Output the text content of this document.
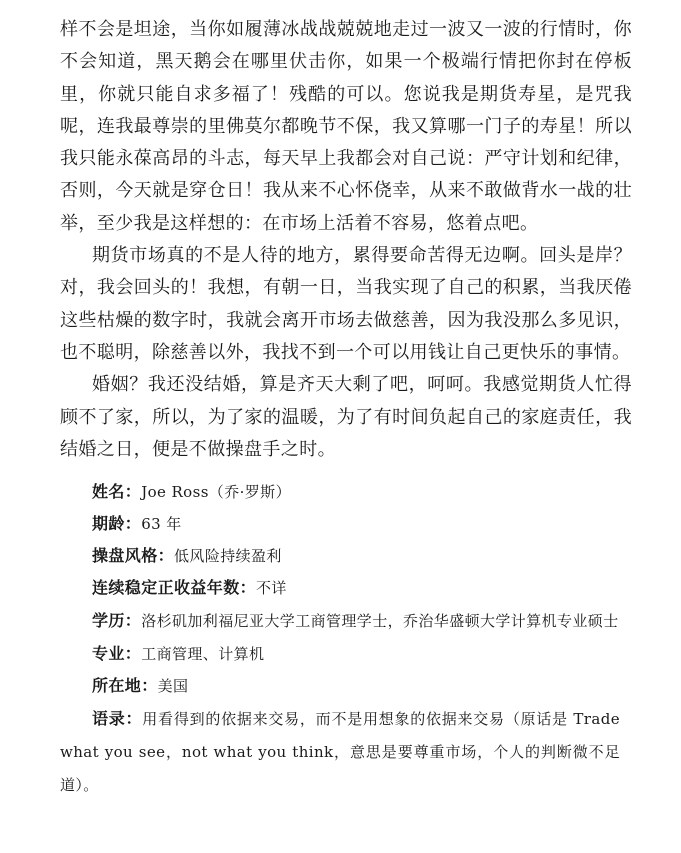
样不会是坦途，当你如履薄冰战战兢兢地走过一波又一波的行情时，你不会知道，黑天鹅会在哪里伏击你，如果一个极端行情把你封在停板里，你就只能自求多福了！残酷的可以。您说我是期货寿星，是咒我呢，连我最尊崇的里佛莫尔都晚节不保，我又算哪一门子的寿星！所以我只能永葆高昂的斗志，每天早上我都会对自己说：严守计划和纪律，否则，今天就是穿仓日！我从来不心怀侥幸，从来不敢做背水一战的壮举，至少我是这样想的：在市场上活着不容易，悠着点吧。

期货市场真的不是人待的地方，累得要命苦得无边啊。回头是岸？对，我会回头的！我想，有朝一日，当我实现了自己的积累，当我厌倦这些枯燥的数字时，我就会离开市场去做慈善，因为我没那么多见识，也不聪明，除慈善以外，我找不到一个可以用钱让自己更快乐的事情。

婚姻？我还没结婚，算是齐天大剩了吧，呵呵。我感觉期货人忙得顾不了家，所以，为了家的温暖，为了有时间负起自己的家庭责任，我结婚之日，便是不做操盘手之时。

姓名：Joe Ross（乔·罗斯）

期龄：63 年

操盘风格：低风险持续盈利

连续稳定正收益年数：不详

学历：洛杉矶加利福尼亚大学工商管理学士，乔治华盛顿大学计算机专业硕士

专业：工商管理、计算机

所在地：美国

语录：用看得到的依据来交易，而不是用想象的依据来交易（原话是 Trade what you see，not what you think，意思是要尊重市场，个人的判断微不足道）。
